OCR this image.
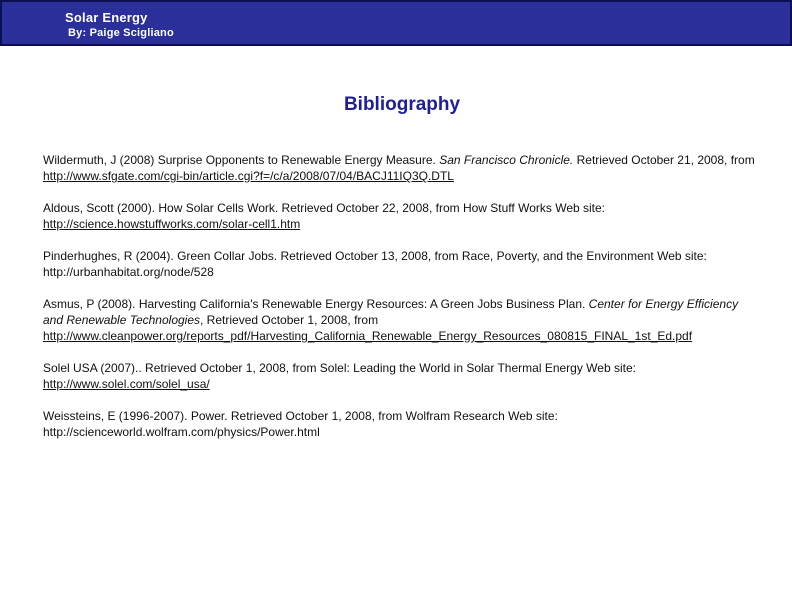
Solar Energy
By: Paige Scigliano
Bibliography

Wildermuth, J (2008) Surprise Opponents to Renewable Energy Measure. San Francisco Chronicle. Retrieved October 21, 2008, from http://www.sfgate.com/cgi-bin/article.cgi?f=/c/a/2008/07/04/BACJ11IQ3Q.DTL

Aldous, Scott (2000). How Solar Cells Work. Retrieved October 22, 2008, from How Stuff Works Web site: http://science.howstuffworks.com/solar-cell1.htm

Pinderhughes, R (2004). Green Collar Jobs. Retrieved October 13, 2008, from Race, Poverty, and the Environment Web site: http://urbanhabitat.org/node/528

Asmus, P (2008). Harvesting California's Renewable Energy Resources: A Green Jobs Business Plan. Center for Energy Efficiency and Renewable Technologies, Retrieved October 1, 2008, from http://www.cleanpower.org/reports_pdf/Harvesting_California_Renewable_Energy_Resources_080815_FINAL_1st_Ed.pdf

Solel USA (2007).. Retrieved October 1, 2008, from Solel: Leading the World in Solar Thermal Energy Web site: http://www.solel.com/solel_usa/

Weissteins, E (1996-2007). Power. Retrieved October 1, 2008, from Wolfram Research Web site: http://scienceworld.wolfram.com/physics/Power.html
